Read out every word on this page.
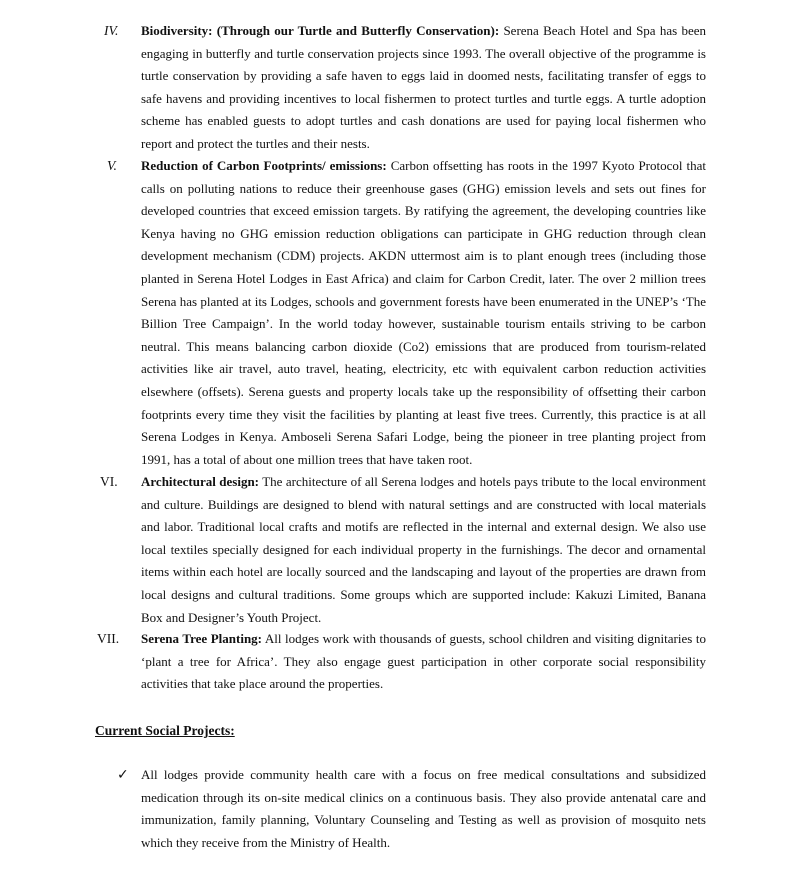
IV.	Biodiversity: (Through our Turtle and Butterfly Conservation): Serena Beach Hotel and Spa has been engaging in butterfly and turtle conservation projects since 1993. The overall objective of the programme is turtle conservation by providing a safe haven to eggs laid in doomed nests, facilitating transfer of eggs to safe havens and providing incentives to local fishermen to protect turtles and turtle eggs. A turtle adoption scheme has enabled guests to adopt turtles and cash donations are used for paying local fishermen who report and protect the turtles and their nests.
V.	Reduction of Carbon Footprints/ emissions: Carbon offsetting has roots in the 1997 Kyoto Protocol that calls on polluting nations to reduce their greenhouse gases (GHG) emission levels and sets out fines for developed countries that exceed emission targets. By ratifying the agreement, the developing countries like Kenya having no GHG emission reduction obligations can participate in GHG reduction through clean development mechanism (CDM) projects. AKDN uttermost aim is to plant enough trees (including those planted in Serena Hotel Lodges in East Africa) and claim for Carbon Credit, later. The over 2 million trees Serena has planted at its Lodges, schools and government forests have been enumerated in the UNEP’s ‘The Billion Tree Campaign’. In the world today however, sustainable tourism entails striving to be carbon neutral. This means balancing carbon dioxide (Co2) emissions that are produced from tourism-related activities like air travel, auto travel, heating, electricity, etc with equivalent carbon reduction activities elsewhere (offsets). Serena guests and property locals take up the responsibility of offsetting their carbon footprints every time they visit the facilities by planting at least five trees. Currently, this practice is at all Serena Lodges in Kenya. Amboseli Serena Safari Lodge, being the pioneer in tree planting project from 1991, has a total of about one million trees that have taken root.
VI.	Architectural design: The architecture of all Serena lodges and hotels pays tribute to the local environment and culture. Buildings are designed to blend with natural settings and are constructed with local materials and labor. Traditional local crafts and motifs are reflected in the internal and external design. We also use local textiles specially designed for each individual property in the furnishings. The decor and ornamental items within each hotel are locally sourced and the landscaping and layout of the properties are drawn from local designs and cultural traditions. Some groups which are supported include: Kakuzi Limited, Banana Box and Designer’s Youth Project.
VII.	Serena Tree Planting: All lodges work with thousands of guests, school children and visiting dignitaries to ‘plant a tree for Africa’. They also engage guest participation in other corporate social responsibility activities that take place around the properties.
Current Social Projects:
✓ All lodges provide community health care with a focus on free medical consultations and subsidized medication through its on-site medical clinics on a continuous basis. They also provide antenatal care and immunization, family planning, Voluntary Counseling and Testing as well as provision of mosquito nets which they receive from the Ministry of Health.
